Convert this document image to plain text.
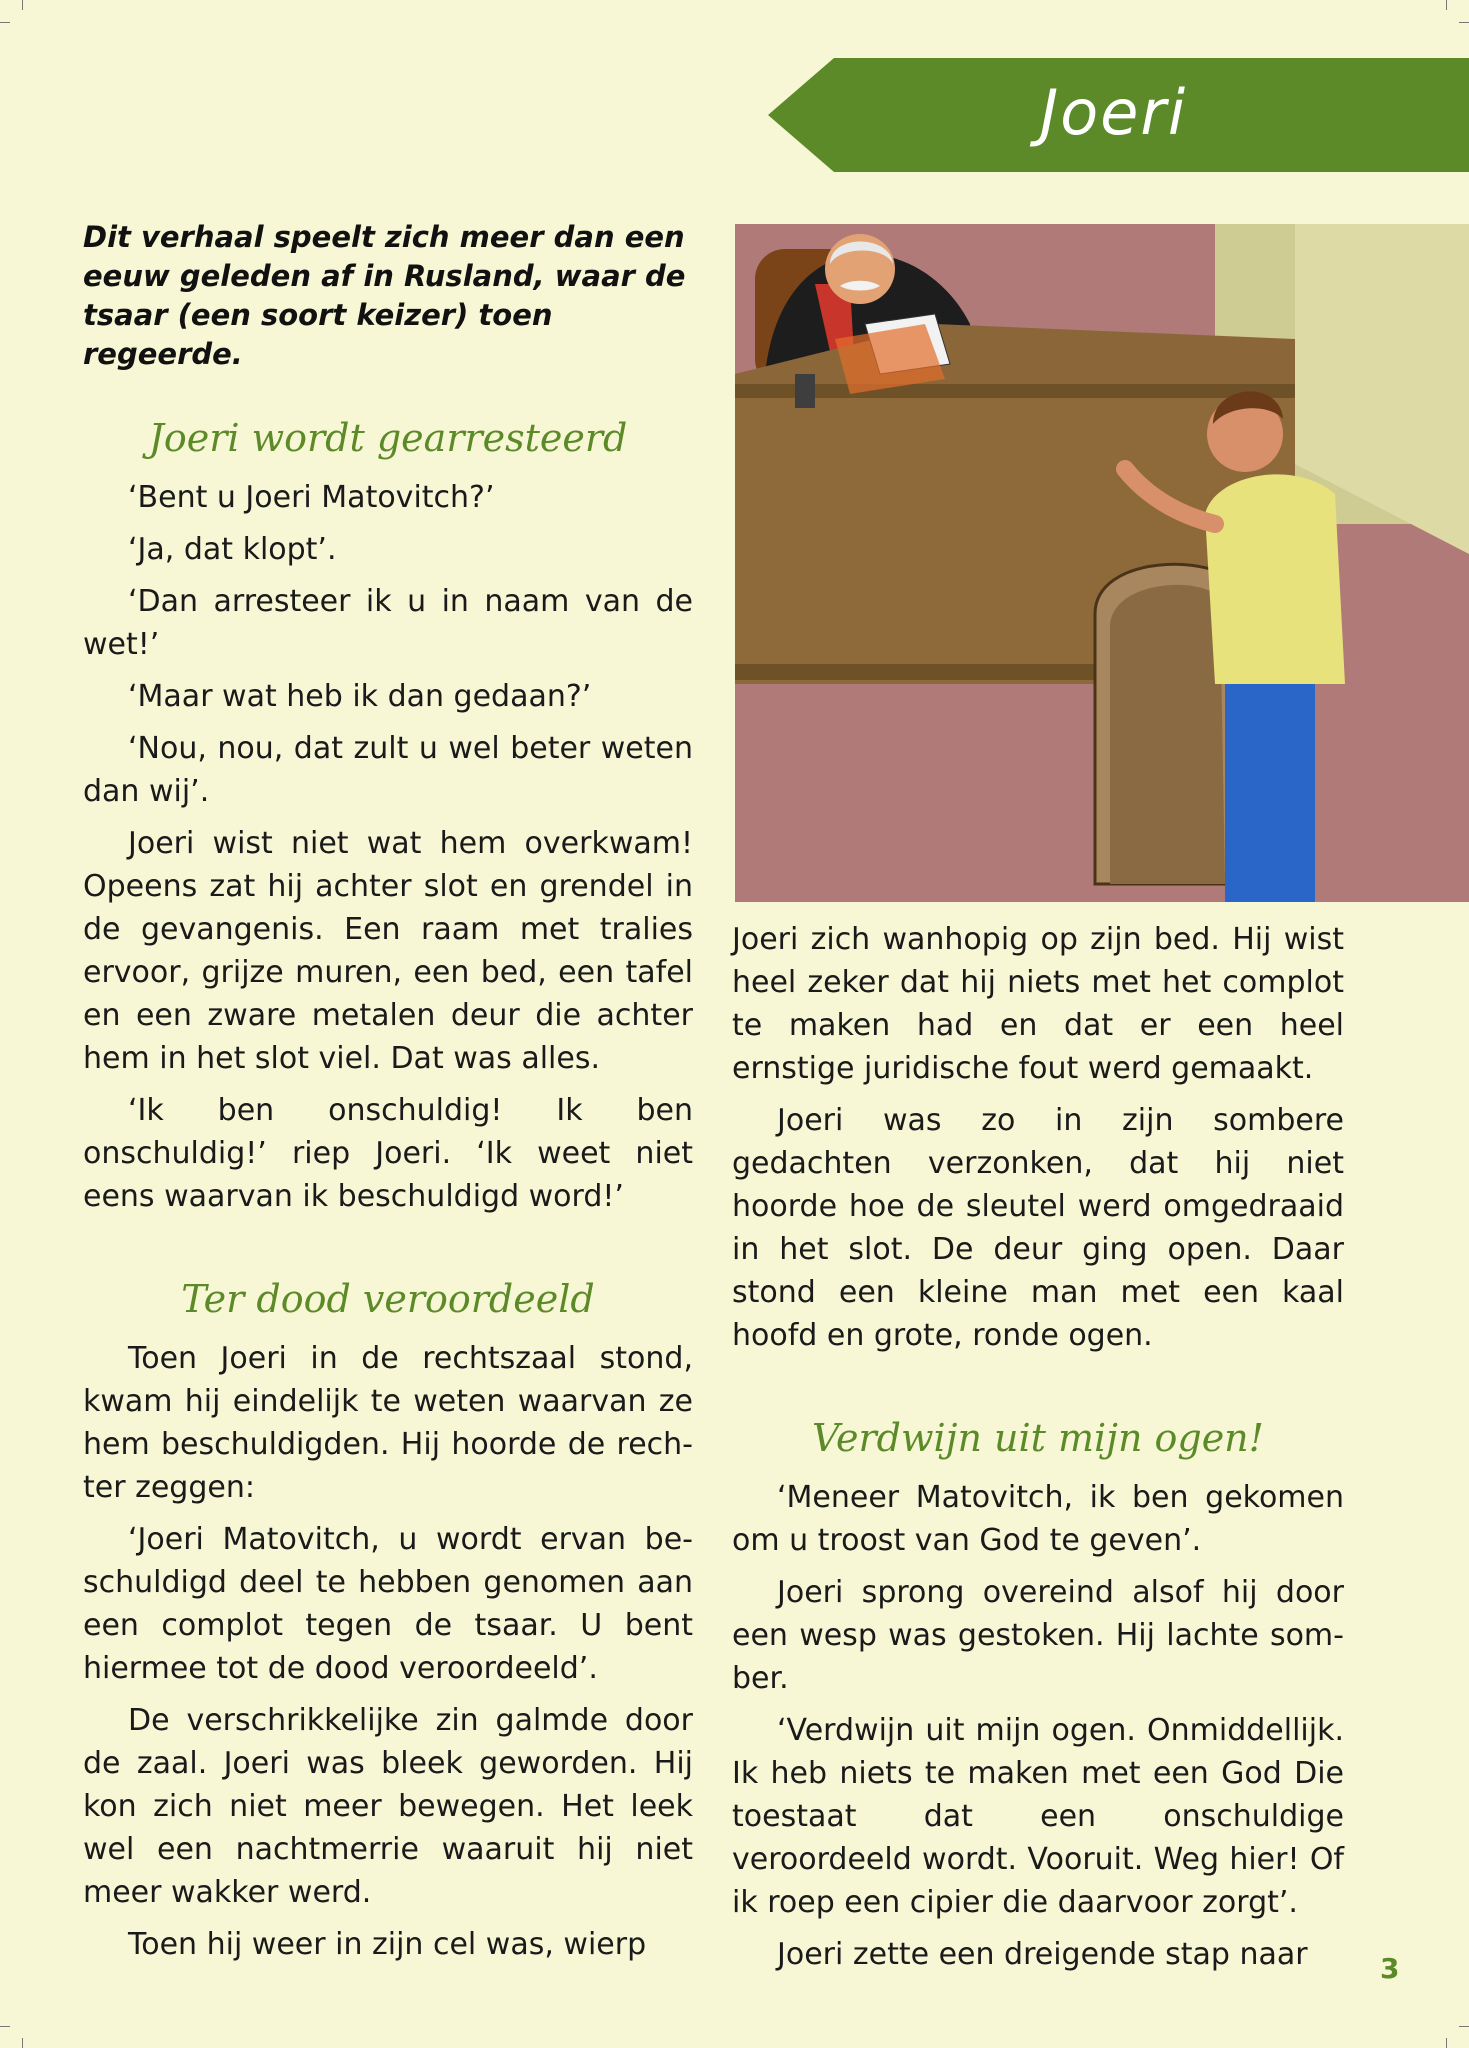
Joeri

Dit verhaal speelt zich meer dan een eeuw geleden af in Rusland, waar de tsaar (een soort keizer) toen regeerde.

Joeri wordt gearresteerd

‘Bent u Joeri Matovitch?’

‘Ja, dat klopt’.

‘Dan arresteer ik u in naam van de wet!’

‘Maar wat heb ik dan gedaan?’

‘Nou, nou, dat zult u wel beter weten dan wij’.

Joeri wist niet wat hem overkwam! Opeens zat hij achter slot en grendel in de gevangenis. Een raam met tralies ervoor, grijze muren, een bed, een tafel en een zware metalen deur die achter hem in het slot viel. Dat was alles.

‘Ik ben onschuldig! Ik ben onschuldig!’ riep Joeri. ‘Ik weet niet eens waarvan ik beschuldigd word!’

Ter dood veroordeeld

Toen Joeri in de rechtszaal stond, kwam hij eindelijk te weten waarvan ze hem beschuldigden. Hij hoorde de rechter zeggen:

‘Joeri Matovitch, u wordt ervan beschuldigd deel te hebben genomen aan een complot tegen de tsaar. U bent hiermee tot de dood veroordeeld’.

De verschrikkelijke zin galmde door de zaal. Joeri was bleek geworden. Hij kon zich niet meer bewegen. Het leek wel een nachtmerrie waaruit hij niet meer wakker werd.

Toen hij weer in zijn cel was, wierp

Joeri zich wanhopig op zijn bed. Hij wist heel zeker dat hij niets met het complot te maken had en dat er een heel ernstige juridische fout werd gemaakt.

Joeri was zo in zijn sombere gedachten verzonken, dat hij niet hoorde hoe de sleutel werd omgedraaid in het slot. De deur ging open. Daar stond een kleine man met een kaal hoofd en grote, ronde ogen.

Verdwijn uit mijn ogen!

‘Meneer Matovitch, ik ben gekomen om u troost van God te geven’.

Joeri sprong overeind alsof hij door een wesp was gestoken. Hij lachte somber.

‘Verdwijn uit mijn ogen. Onmiddellijk. Ik heb niets te maken met een God Die toestaat dat een onschuldige veroordeeld wordt. Vooruit. Weg hier! Of ik roep een cipier die daarvoor zorgt’.

Joeri zette een dreigende stap naar	3
